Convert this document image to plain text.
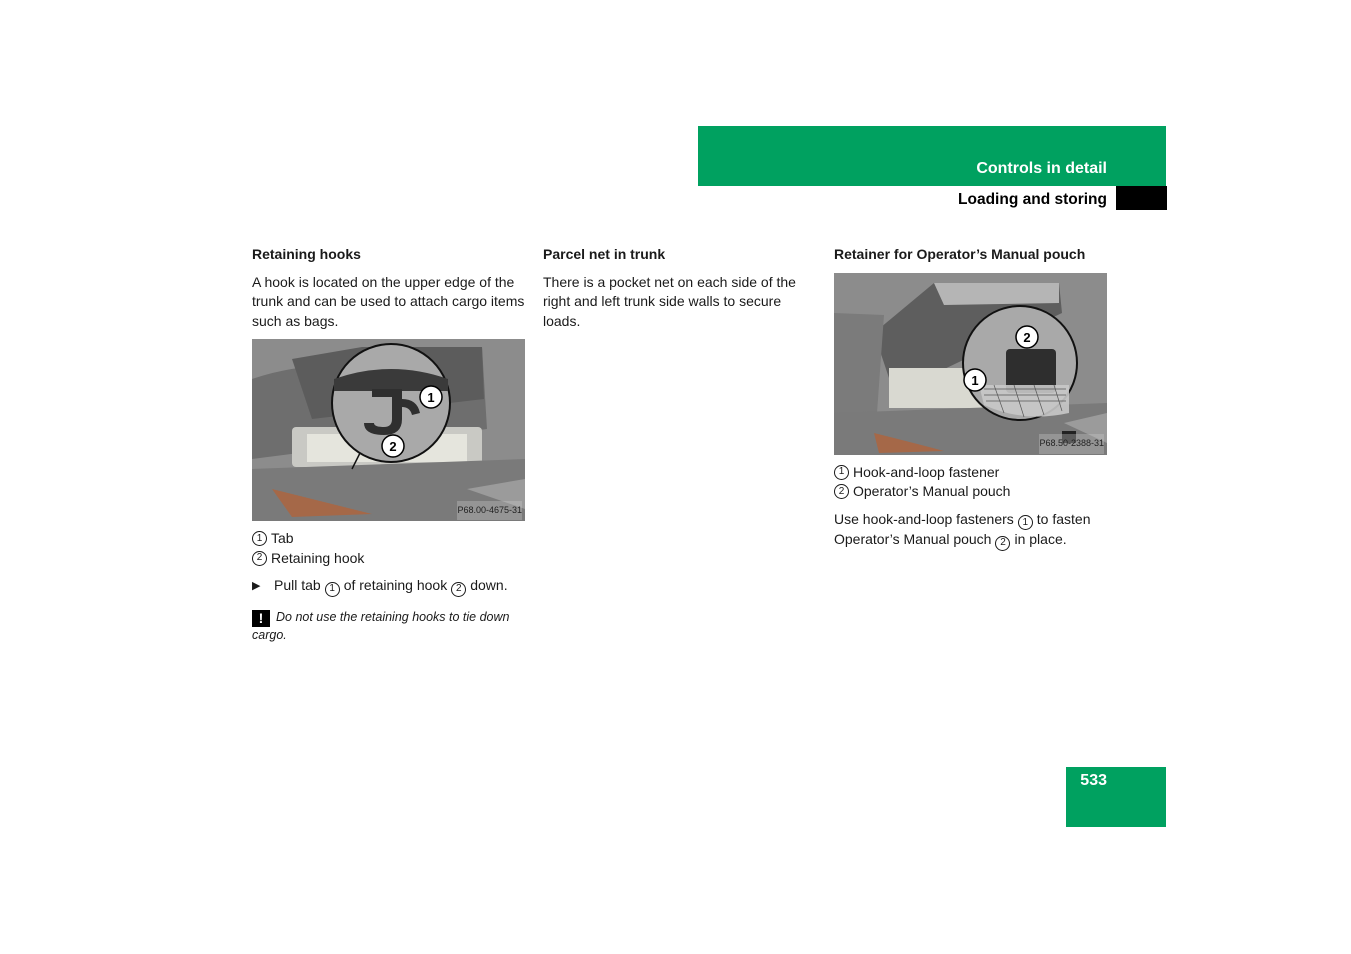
Controls in detail
Loading and storing
Retaining hooks

A hook is located on the upper edge of the trunk and can be used to attach cargo items such as bags.

1
2
P68.00-4675-31
1 Tab
2 Retaining hook
▶ Pull tab 1 of retaining hook 2 down.
! Do not use the retaining hooks to tie down cargo.
Parcel net in trunk

There is a pocket net on each side of the right and left trunk side walls to secure loads.

Retainer for Operator’s Manual pouch
2
1
P68.50-2388-31
1 Hook-and-loop fastener
2 Operator’s Manual pouch

Use hook-and-loop fasteners 1 to fasten Operator’s Manual pouch 2 in place.

533
